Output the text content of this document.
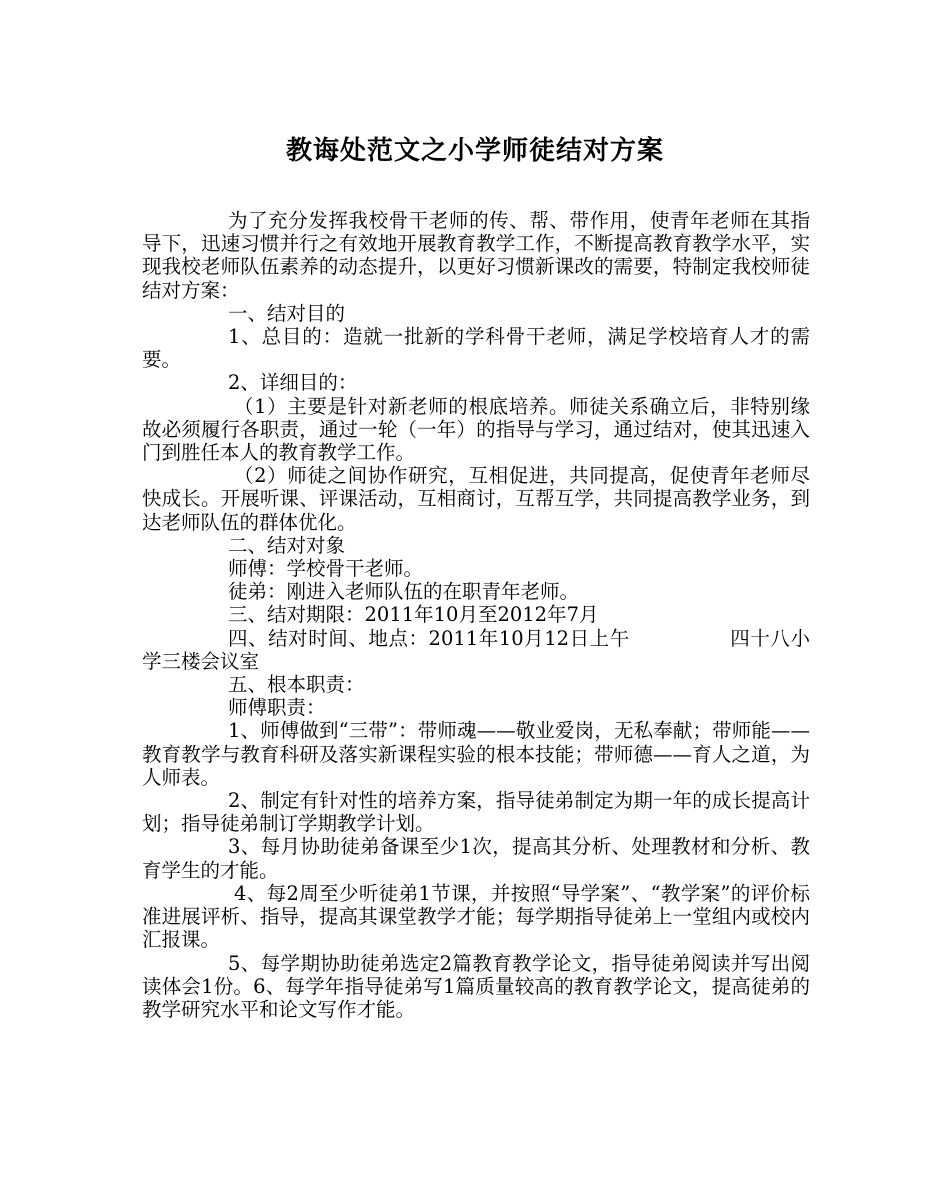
教诲处范文之小学师徒结对方案

为了充分发挥我校骨干老师的传、帮、带作用，使青年老师在其指导下，迅速习惯并行之有效地开展教育教学工作，不断提高教育教学水平，实现我校老师队伍素养的动态提升，以更好习惯新课改的需要，特制定我校师徒结对方案：

一、结对目的

1、总目的：造就一批新的学科骨干老师，满足学校培育人才的需要。

2、详细目的：

（1）主要是针对新老师的根底培养。师徒关系确立后，非特别缘故必须履行各职责，通过一轮（一年）的指导与学习，通过结对，使其迅速入门到胜任本人的教育教学工作。

（2）师徒之间协作研究，互相促进，共同提高，促使青年老师尽快成长。开展听课、评课活动，互相商讨，互帮互学，共同提高教学业务，到达老师队伍的群体优化。

二、结对对象

师傅：学校骨干老师。

徒弟：刚进入老师队伍的在职青年老师。

三、结对期限：2011年10月至2012年7月

四、结对时间、地点：2011年10月12日上午	四十八小学三楼会议室

五、根本职责：

师傅职责：

1、师傅做到“三带”：带师魂——敬业爱岗，无私奉献；带师能——教育教学与教育科研及落实新课程实验的根本技能；带师德——育人之道，为人师表。

2、制定有针对性的培养方案，指导徒弟制定为期一年的成长提高计划；指导徒弟制订学期教学计划。

3、每月协助徒弟备课至少1次，提高其分析、处理教材和分析、教育学生的才能。

4、每2周至少听徒弟1节课，并按照“导学案”、“教学案”的评价标准进展评析、指导，提高其课堂教学才能；每学期指导徒弟上一堂组内或校内汇报课。

5、每学期协助徒弟选定2篇教育教学论文，指导徒弟阅读并写出阅读体会1份。6、每学年指导徒弟写1篇质量较高的教育教学论文，提高徒弟的教学研究水平和论文写作才能。
